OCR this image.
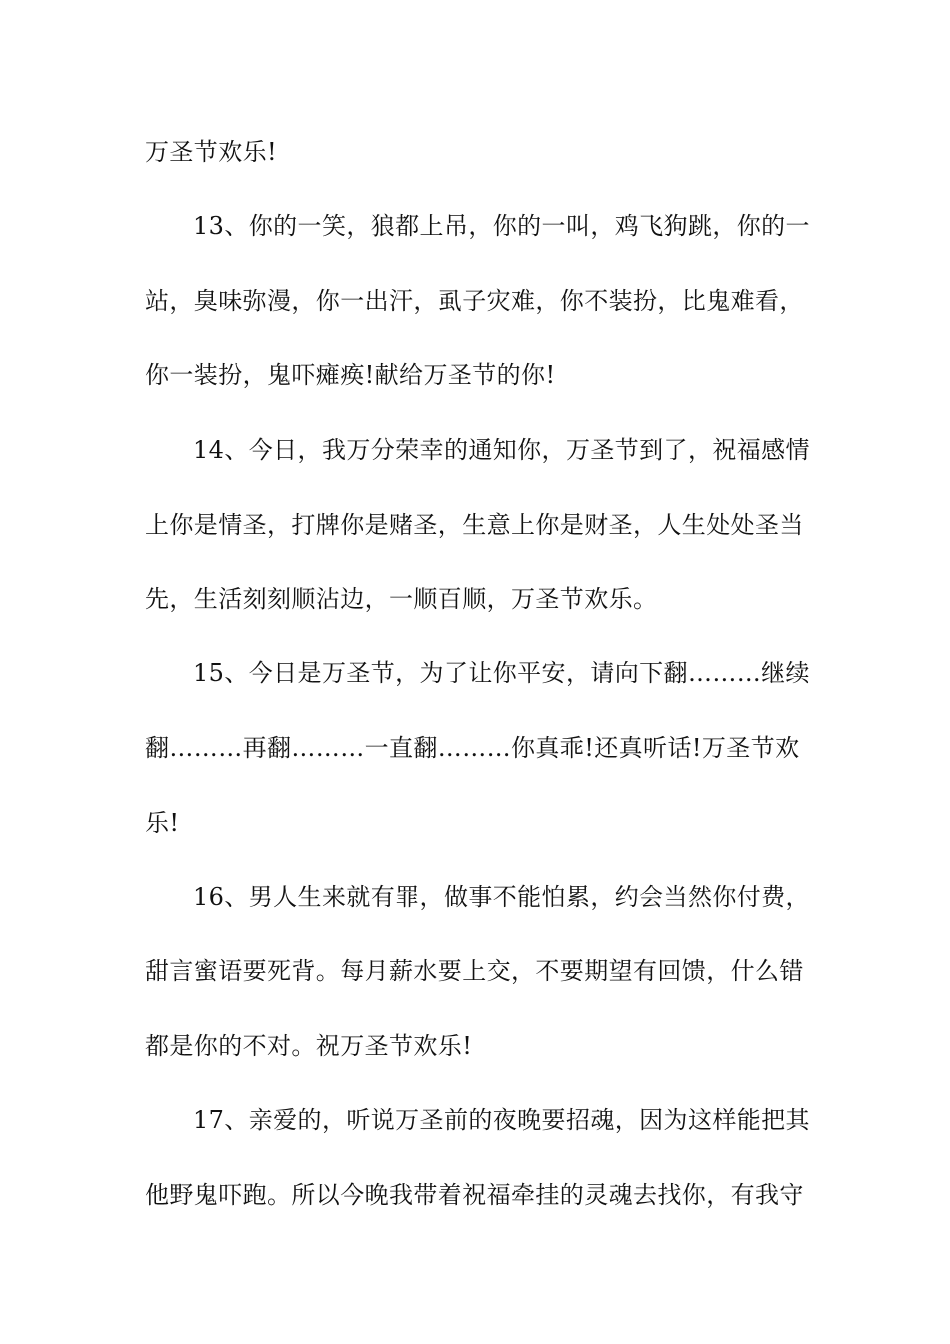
万圣节欢乐!
13、你的一笑，狼都上吊，你的一叫，鸡飞狗跳，你的一
站，臭味弥漫，你一出汗，虱子灾难，你不装扮，比鬼难看，
你一装扮，鬼吓瘫痪!献给万圣节的你!
14、今日，我万分荣幸的通知你，万圣节到了，祝福感情
上你是情圣，打牌你是赌圣，生意上你是财圣，人生处处圣当
先，生活刻刻顺沾边，一顺百顺，万圣节欢乐。
15、今日是万圣节，为了让你平安，请向下翻………继续
翻………再翻………一直翻………你真乖!还真听话!万圣节欢
乐!
16、男人生来就有罪，做事不能怕累，约会当然你付费，
甜言蜜语要死背。每月薪水要上交，不要期望有回馈，什么错
都是你的不对。祝万圣节欢乐!
17、亲爱的，听说万圣前的夜晚要招魂，因为这样能把其
他野鬼吓跑。所以今晚我带着祝福牵挂的灵魂去找你，有我守
